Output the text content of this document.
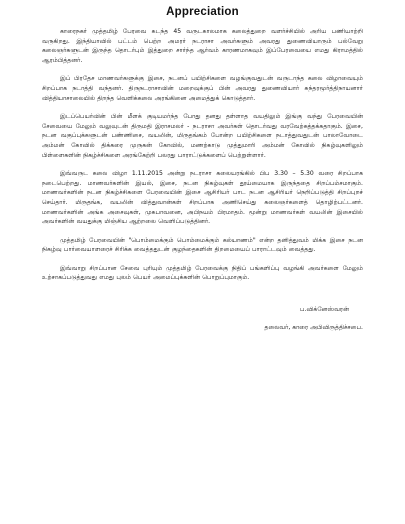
Appreciation

காரைநகர் முத்தமிழ் பேரவை கடந்த 45 வருடகாலமாக கலைத்துறை வளர்ச்சியில் அரிய பணியாற்றி வருகிறது. இந்தியாவில் பட்டம் பெற்ற அமரர் நடராசா அவர்களும் அவரது துணைவியாரும் பல்வேறு கலைஞர்களுடன் இருந்த தொடர்பும் இத்துறை சார்ந்த ஆர்வம் காரணமாகவும் இப்பேரவையை எமது கிராமத்தில் ஆரம்பித்தனர்.

இப் பிரதேச மாணவர்களுக்கு இசை, நடனப் பயிற்சிகளை வழங்குவதுடன் வருடாந்த கலை விழாவையும் சிறப்பாக நடாத்தி வந்தனர். திருநடராசாவின் மறைவுக்குப் பின் அவரது துணைவியார் சுந்தரமூர்த்திநாயனார் வித்தியாசாலையில் திறந்த வெளிக்கலை அரங்கினை அமைத்துக் கொடுத்தார்.

இடப்பெயர்வின் பின் மீளக் குடியமர்ந்த போது தனது தள்ளாத வயதிலும் இங்கு வந்து பேரவையின் சேவையை மேலும் வலுவுடன் திருமதி இராசமலர் - நடராசா அவர்கள் தொடர்வது வரவேற்கத்தக்கதாகும். இசை, நடன வகுப்புக்களுடன் பண்ணிசை, வயலின், மிருதங்கம் போன்ற பயிற்சிகளை நடாத்துவதுடன் பாலாவோடை அம்மன் கோவில் திக்கரை முருகன் கோவில், மணற்காடு முத்துமாரி அம்மன் கோவில் நிகழ்வுகளிலும் பிள்ளைகளின் நிகழ்ச்சிகளை அரங்கேற்றி பலரது பாராட்டுக்களைப் பெற்றுள்ளார்.

இவ்வருட கலை விழா 1.11.2015 அன்று நடராசா கலையரங்கில் பிப 3.30 – 5.30 வரை சிறப்பாக நடைபெற்றது. மாணவர்களின் இயல், இசை, நடன நிகழ்வுகள் தூய்மையாக இருந்ததை சிறப்பம்சமாகும். மாணவர்களின் நடன நிகழ்ச்சிகளை பேரவையின் இசை ஆசிரியர் பாட நடன ஆசிரியர் நெறிப்படுத்தி சிறப்புறச் செய்தார். மிருதங்க, வயலின் வித்துவான்கள் சிறப்பாக அணிசெய்து கலைஞர்களைத் தொழிற்பட்டனர். மாணவர்களின் அங்க அசைவுகள், முகபாவனை, அபிநயம் பிரமாதம். மூன்று மாணவர்கள் வயலின் இசையில் அவர்களின் வயதுக்கு மிஞ்சிய ஆற்றலை வெளிப்படுத்தினர்.

முத்தமிழ் பேரவையின் "பொம்மைக்கும் பொம்மைக்கும் கல்யாணம்" என்ற தனித்துவம் மிக்க இசை நடன நிகழ்வு பார்வையாளரைச் சிரிக்க வைத்ததுடன் குழந்தைகளின் திறமையைப் பாராட்டவும் வைத்தது.

இவ்வாறு சிறப்பான சேவை புரியும் முத்தமிழ் பேரவைக்கு நிதிப் பங்களிப்பு வழங்கி அவர்களை மேலும் உற்சாகப்படுத்துவது எமது புலம் பெயர் அமைப்புக்களின் பொறுப்புமாகும்.

ப.விக்னேஸ்வரன்

தலைவர், காரை அபிவிருத்திச்சபை.
